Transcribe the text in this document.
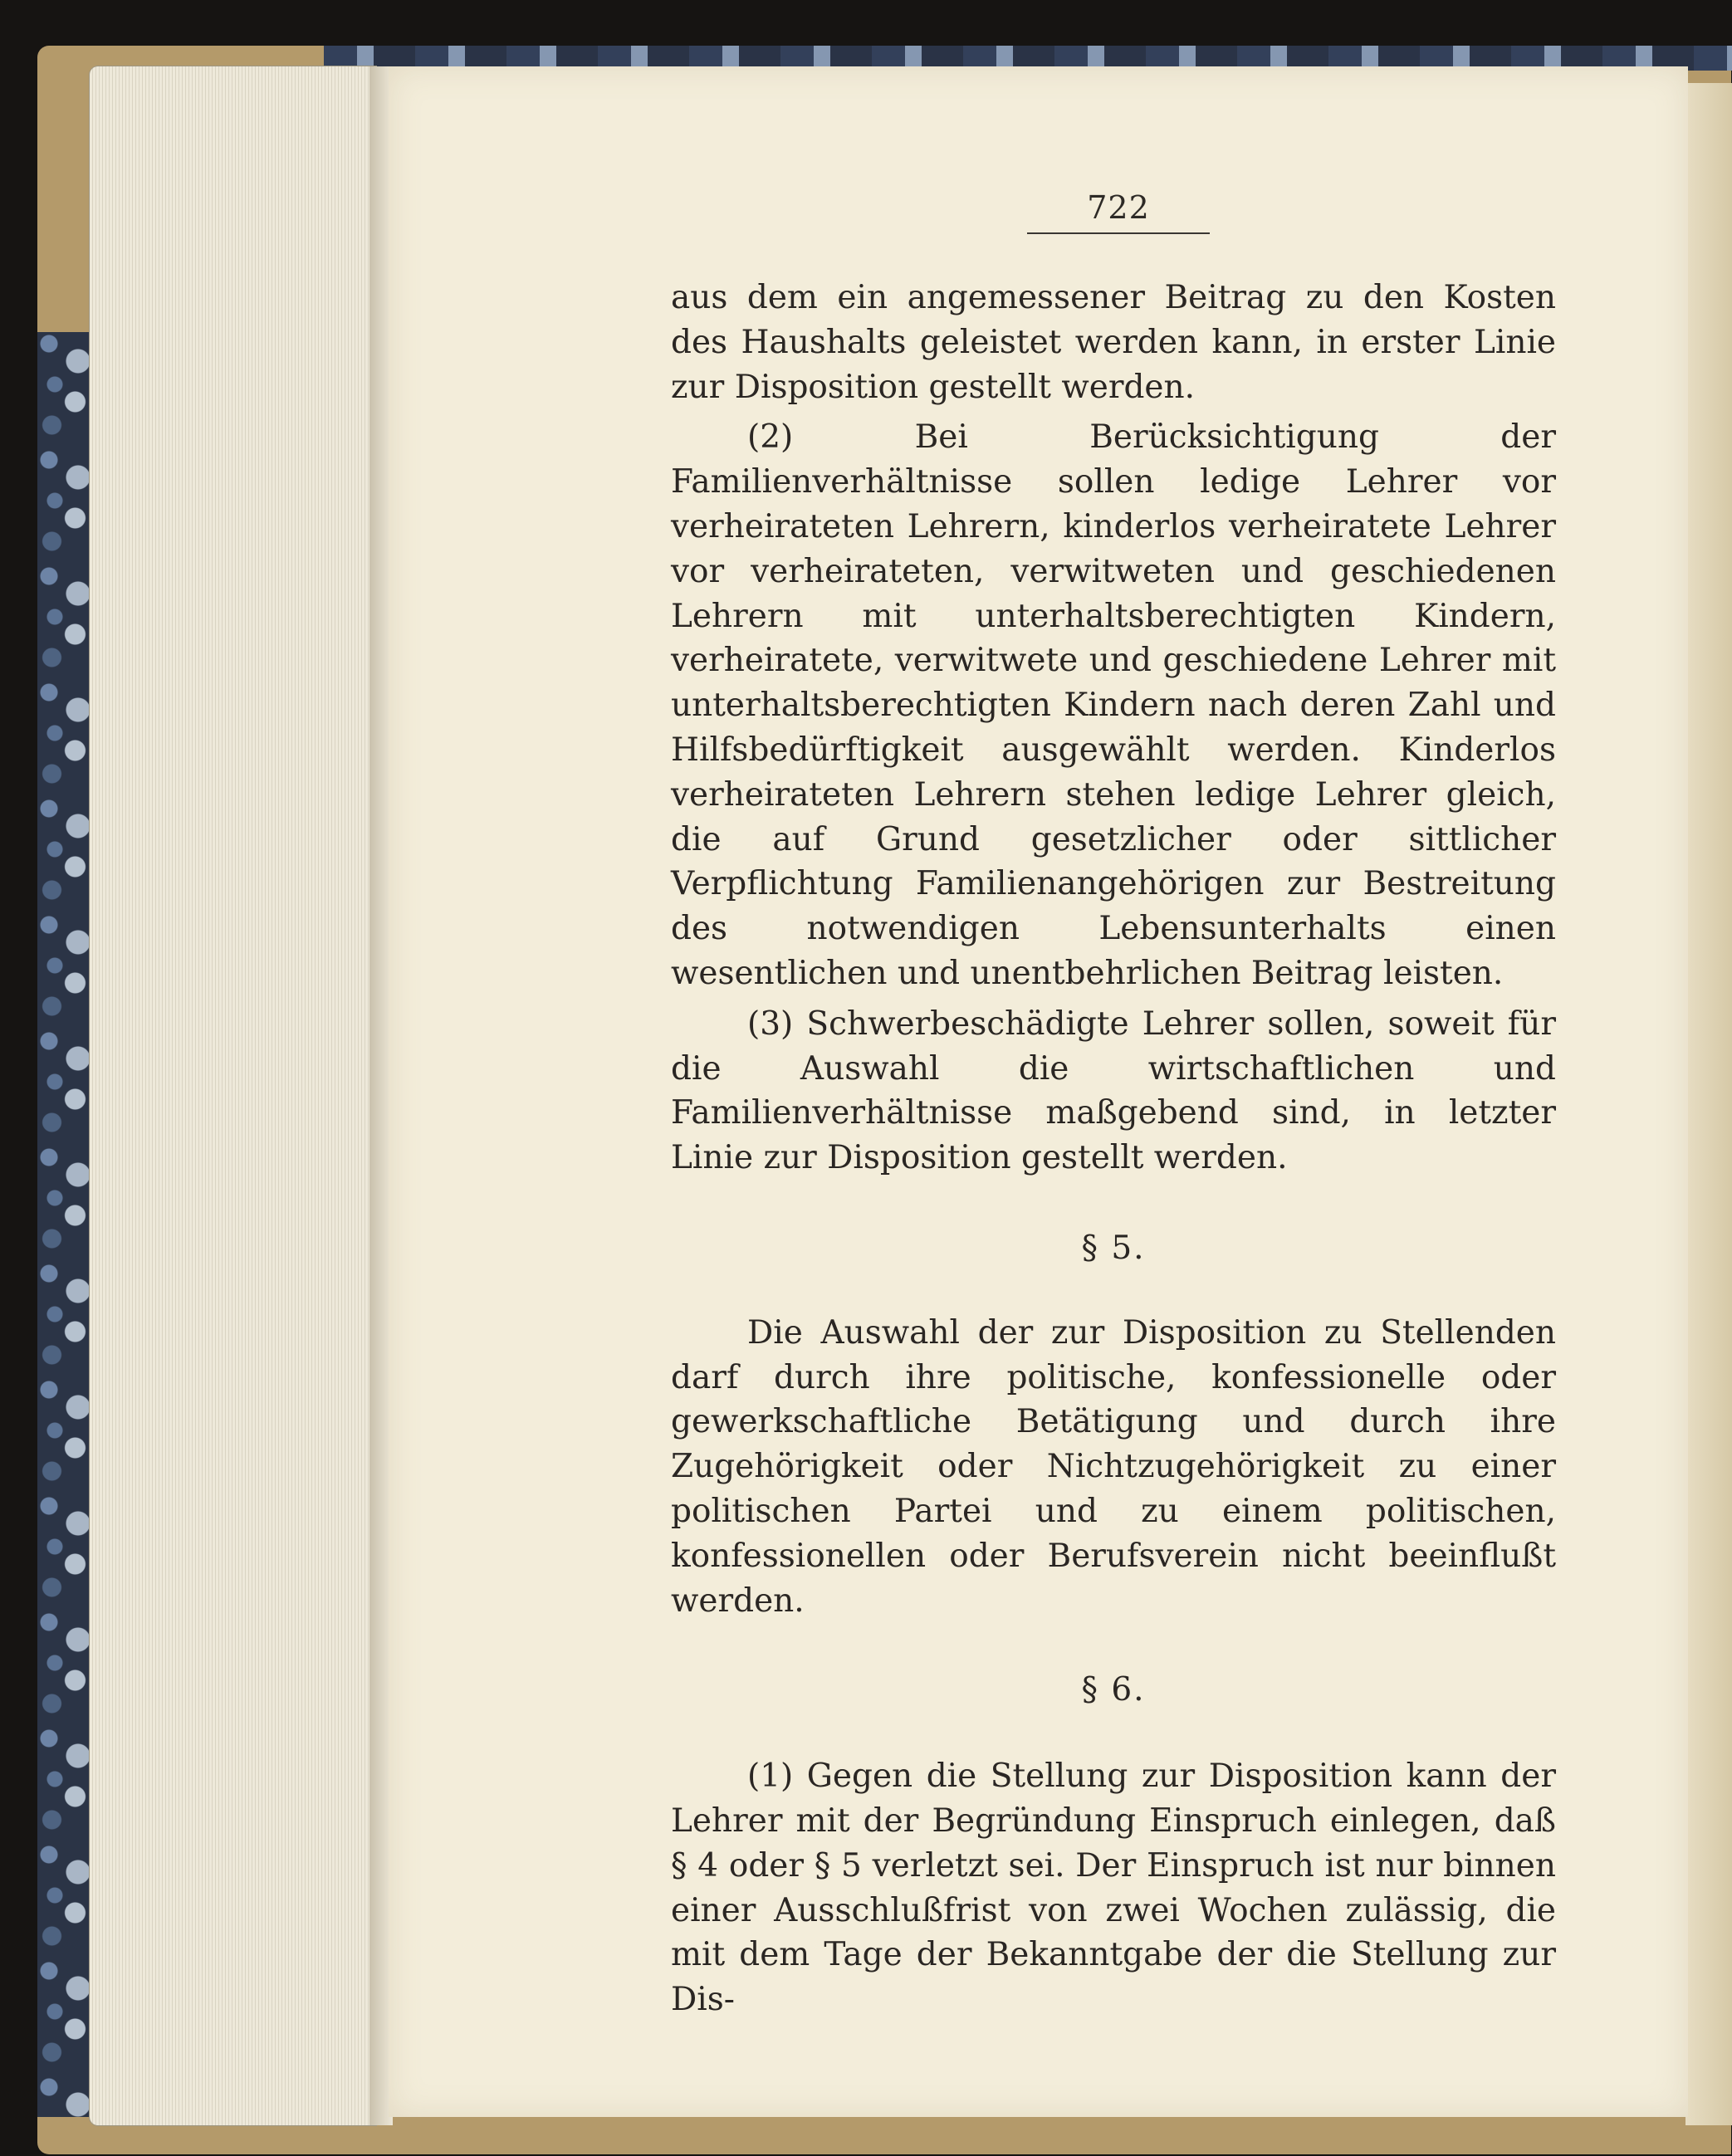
722

aus dem ein angemessener Beitrag zu den Kosten des Haushalts geleistet werden kann, in erster Linie zur Disposition gestellt werden.

(2) Bei Berücksichtigung der Familienverhältnisse sollen ledige Lehrer vor verheirateten Lehrern, kinderlos verheiratete Lehrer vor verheirateten, verwitweten und geschiedenen Lehrern mit unterhaltsberechtigten Kindern, verheiratete, verwitwete und geschiedene Lehrer mit unterhaltsberechtigten Kindern nach deren Zahl und Hilfsbedürftigkeit ausgewählt werden. Kinderlos verheirateten Lehrern stehen ledige Lehrer gleich, die auf Grund gesetzlicher oder sittlicher Verpflichtung Familienangehörigen zur Bestreitung des notwendigen Lebensunterhalts einen wesentlichen und unentbehrlichen Beitrag leisten.

(3) Schwerbeschädigte Lehrer sollen, soweit für die Auswahl die wirtschaftlichen und Familienverhältnisse maßgebend sind, in letzter Linie zur Disposition gestellt werden.

§ 5.

Die Auswahl der zur Disposition zu Stellenden darf durch ihre politische, konfessionelle oder gewerkschaftliche Betätigung und durch ihre Zugehörigkeit oder Nichtzugehörigkeit zu einer politischen Partei und zu einem politischen, konfessionellen oder Berufsverein nicht beeinflußt werden.

§ 6.

(1) Gegen die Stellung zur Disposition kann der Lehrer mit der Begründung Einspruch einlegen, daß § 4 oder § 5 verletzt sei. Der Einspruch ist nur binnen einer Ausschlußfrist von zwei Wochen zulässig, die mit dem Tage der Bekanntgabe der die Stellung zur Dis-
